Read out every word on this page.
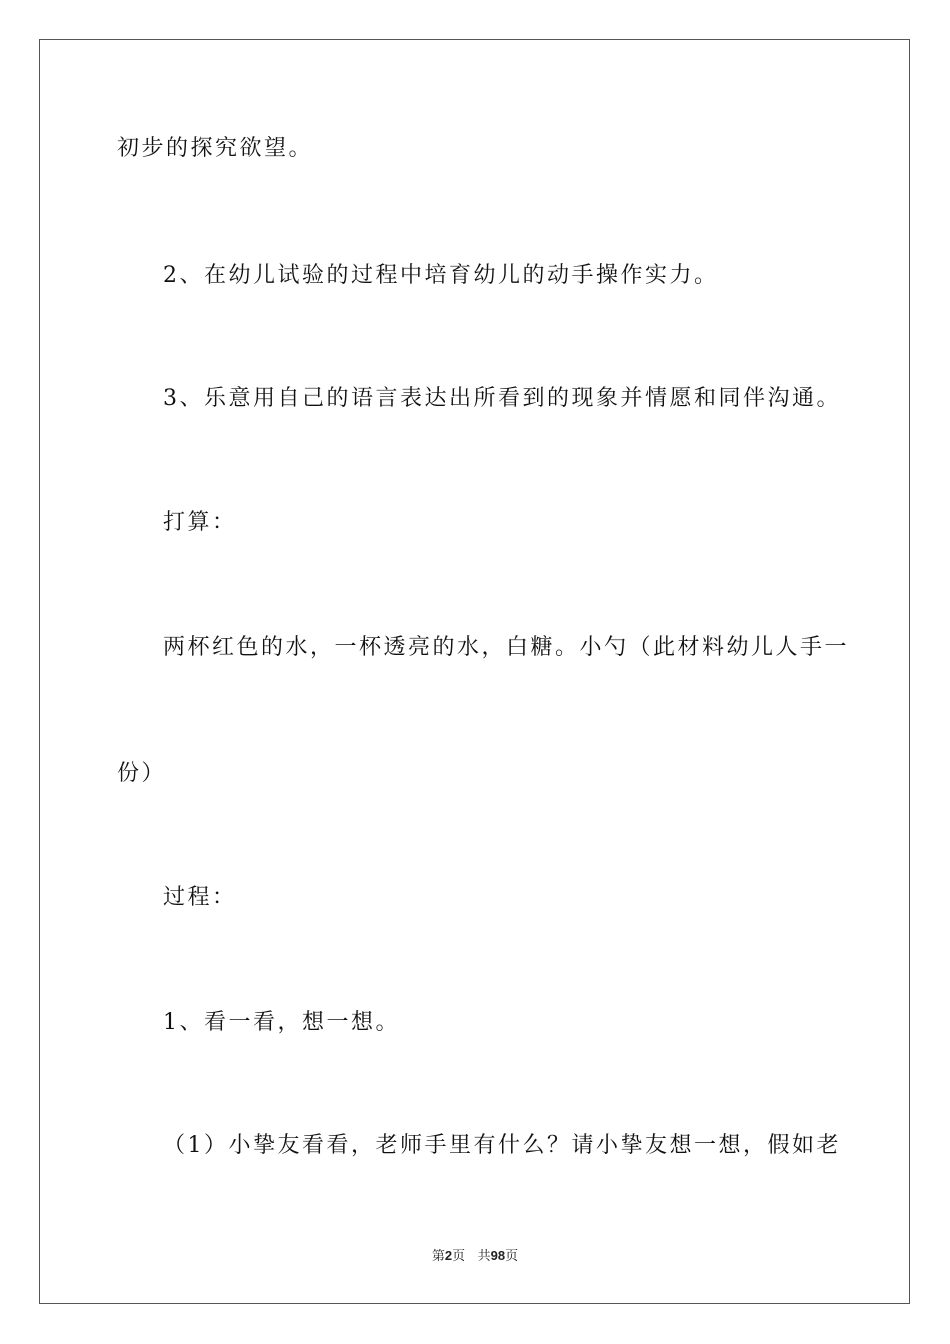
初步的探究欲望。
2、在幼儿试验的过程中培育幼儿的动手操作实力。
3、乐意用自己的语言表达出所看到的现象并情愿和同伴沟通。
打算：
两杯红色的水，一杯透亮的水，白糖。小勺（此材料幼儿人手一
份）
过程：
1、看一看，想一想。
（1）小挚友看看，老师手里有什么？请小挚友想一想，假如老
第2页 共98页
